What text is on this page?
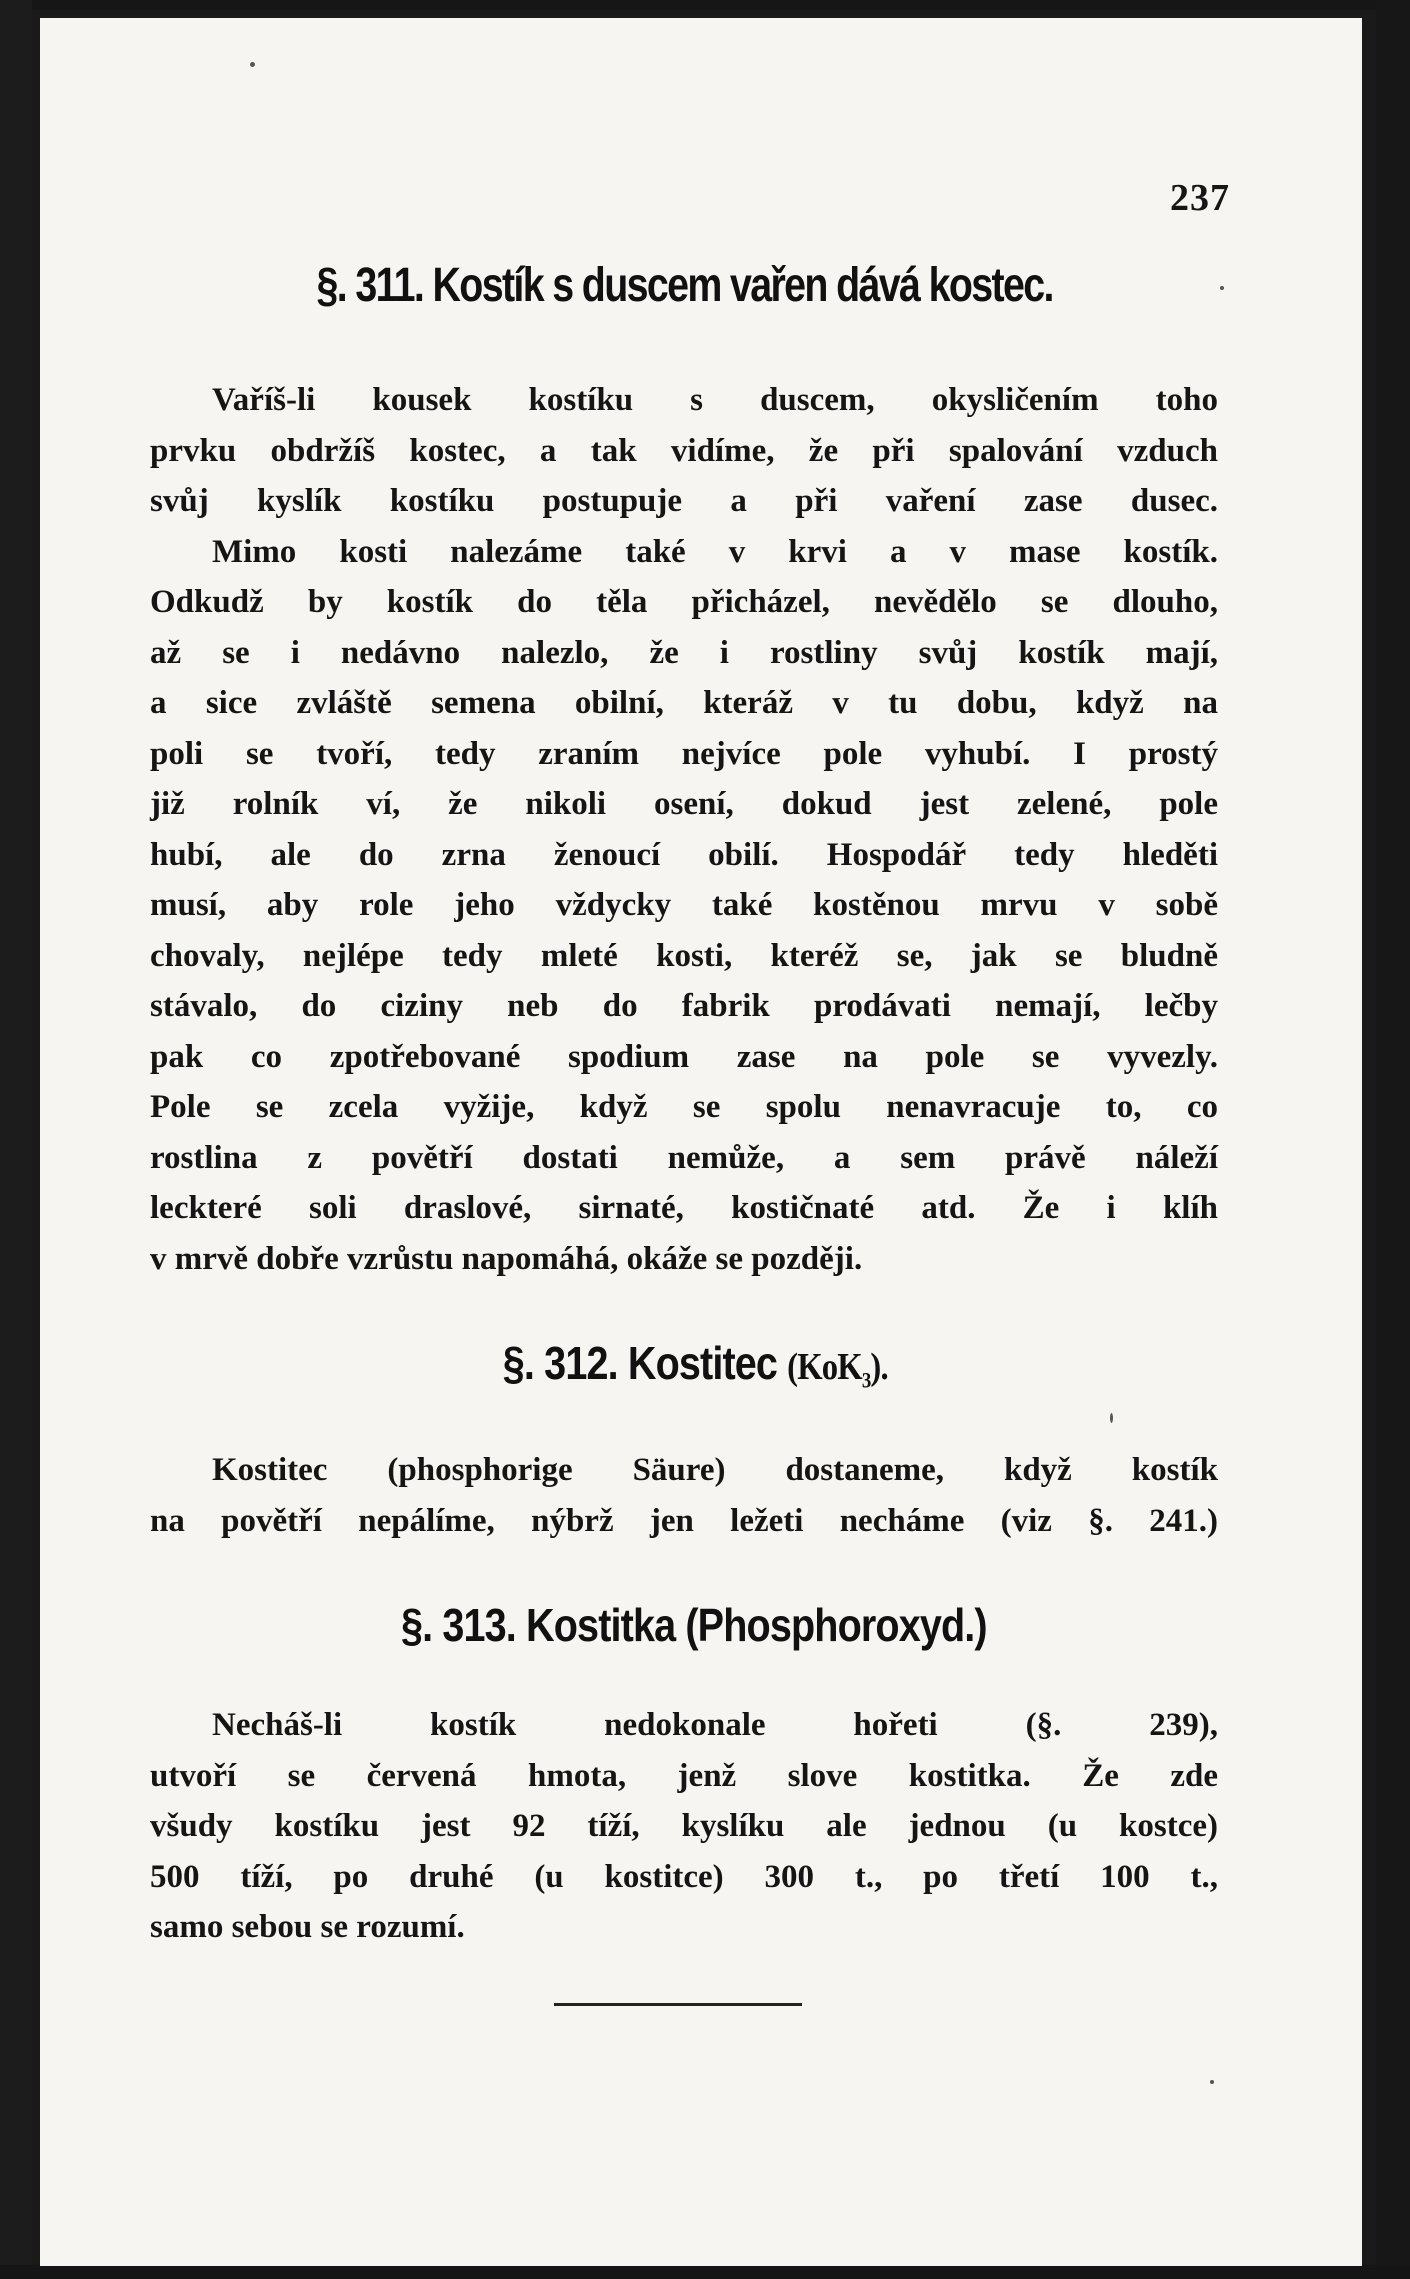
237
§. 311. Kostík s duscem vařen dává kostec.
Vaříš-li kousek kostíku s duscem, okysličením toho
prvku obdržíš kostec, a tak vidíme, že při spalování vzduch
svůj kyslík kostíku postupuje a při vaření zase dusec.
Mimo kosti nalezáme také v krvi a v mase kostík.
Odkudž by kostík do těla přicházel, nevědělo se dlouho,
až se i nedávno nalezlo, že i rostliny svůj kostík mají,
a sice zvláště semena obilní, kteráž v tu dobu, když na
poli se tvoří, tedy zraním nejvíce pole vyhubí. I prostý
již rolník ví, že nikoli osení, dokud jest zelené, pole
hubí, ale do zrna ženoucí obilí. Hospodář tedy hleděti
musí, aby role jeho vždycky také kostěnou mrvu v sobě
chovaly, nejlépe tedy mleté kosti, kteréž se, jak se bludně
stávalo, do ciziny neb do fabrik prodávati nemají, lečby
pak co zpotřebované spodium zase na pole se vyvezly.
Pole se zcela vyžije, když se spolu nenavracuje to, co
rostlina z povětří dostati nemůže, a sem právě náleží
leckteré soli draslové, sirnaté, kostičnaté atd. Že i klíh
v mrvě dobře vzrůstu napomáhá, okáže se později.
§. 312. Kostitec (KoK$_3$).
Kostitec (phosphorige Säure) dostaneme, když kostík
na povětří nepálíme, nýbrž jen ležeti necháme (viz §. 241.)
§. 313. Kostitka (Phosphoroxyd.)
Necháš-li kostík nedokonale hořeti (§. 239),
utvoří se červená hmota, jenž slove kostitka. Že zde
všudy kostíku jest 92 tíží, kyslíku ale jednou (u kostce)
500 tíží, po druhé (u kostitce) 300 t., po třetí 100 t.,
samo sebou se rozumí.
